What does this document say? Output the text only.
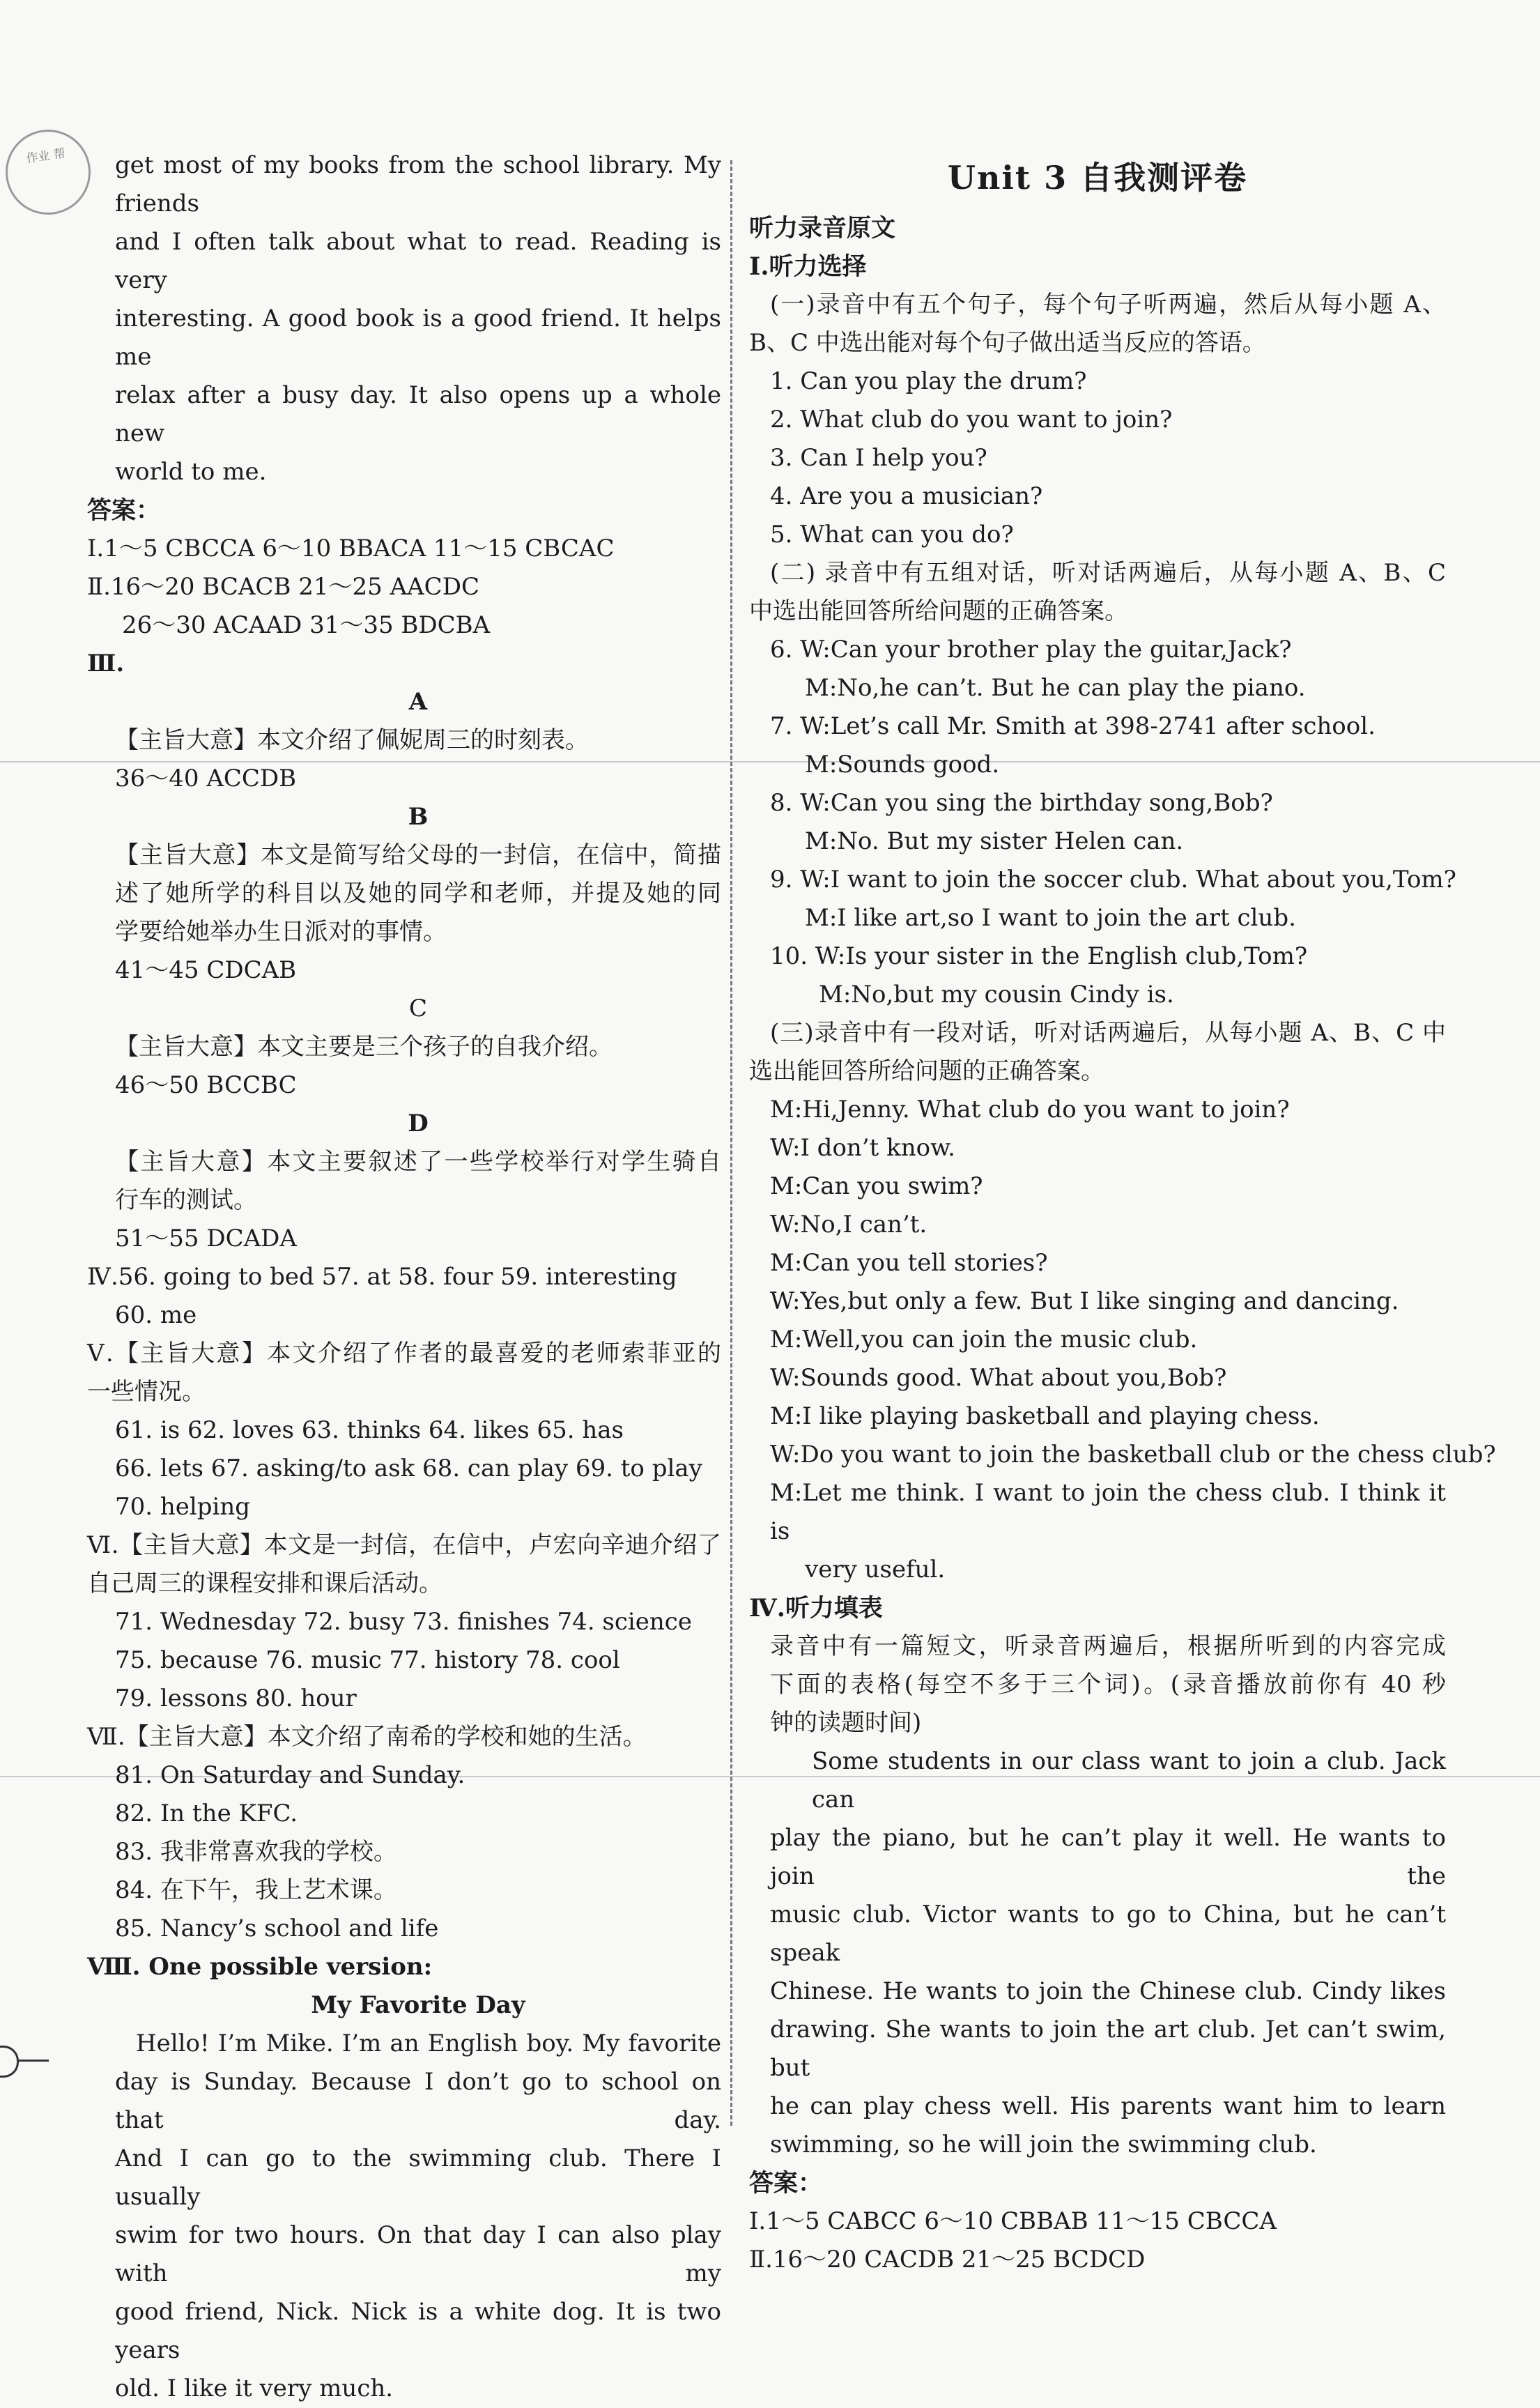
作业 帮	get most of my books from the school library. My friends
and I often talk about what to read. Reading is very
interesting. A good book is a good friend. It helps me
relax after a busy day. It also opens up a whole new
world to me.
答案：
Ⅰ.1～5 CBCCA 6～10 BBACA 11～15 CBCAC
Ⅱ.16～20 BCACB 21～25 AACDC
26～30 ACAAD 31～35 BDCBA
Ⅲ.
A
【主旨大意】本文介绍了佩妮周三的时刻表。
36～40 ACCDB
B
【主旨大意】本文是简写给父母的一封信，在信中，简描
述了她所学的科目以及她的同学和老师，并提及她的同
学要给她举办生日派对的事情。
41～45 CDCAB
C
【主旨大意】本文主要是三个孩子的自我介绍。
46～50 BCCBC
D
【主旨大意】本文主要叙述了一些学校举行对学生骑自
行车的测试。
51～55 DCADA
Ⅳ.56. going to bed 57. at 58. four 59. interesting
60. me
Ⅴ.【主旨大意】本文介绍了作者的最喜爱的老师索菲亚的
一些情况。
61. is 62. loves 63. thinks 64. likes 65. has
66. lets 67. asking/to ask 68. can play 69. to play
70. helping
Ⅵ.【主旨大意】本文是一封信，在信中，卢宏向辛迪介绍了
自己周三的课程安排和课后活动。
71. Wednesday 72. busy 73. finishes 74. science
75. because 76. music 77. history 78. cool
79. lessons 80. hour
Ⅶ.【主旨大意】本文介绍了南希的学校和她的生活。
81. On Saturday and Sunday.
82. In the KFC.
83. 我非常喜欢我的学校。
84. 在下午，我上艺术课。
85. Nancy’s school and life
Ⅷ. One possible version:
My Favorite Day
Hello! I’m Mike. I’m an English boy. My favorite
day is Sunday. Because I don’t go to school on that day.
And I can go to the swimming club. There I usually
swim for two hours. On that day I can also play with my
good friend, Nick. Nick is a white dog. It is two years
old. I like it very much.
Unit 3 自我测评卷
听力录音原文
Ⅰ.听力选择
(一)录音中有五个句子，每个句子听两遍，然后从每小题 A、
B、C 中选出能对每个句子做出适当反应的答语。
1. Can you play the drum?
2. What club do you want to join?
3. Can I help you?
4. Are you a musician?
5. What can you do?
(二) 录音中有五组对话，听对话两遍后，从每小题 A、B、C
中选出能回答所给问题的正确答案。
6. W:Can your brother play the guitar,Jack?
M:No,he can’t. But he can play the piano.
7. W:Let’s call Mr. Smith at 398-2741 after school.
M:Sounds good.
8. W:Can you sing the birthday song,Bob?
M:No. But my sister Helen can.
9. W:I want to join the soccer club. What about you,Tom?
M:I like art,so I want to join the art club.
10. W:Is your sister in the English club,Tom?
M:No,but my cousin Cindy is.
(三)录音中有一段对话，听对话两遍后，从每小题 A、B、C 中
选出能回答所给问题的正确答案。
M:Hi,Jenny. What club do you want to join?
W:I don’t know.
M:Can you swim?
W:No,I can’t.
M:Can you tell stories?
W:Yes,but only a few. But I like singing and dancing.
M:Well,you can join the music club.
W:Sounds good. What about you,Bob?
M:I like playing basketball and playing chess.
W:Do you want to join the basketball club or the chess club?
M:Let me think. I want to join the chess club. I think it is
very useful.
Ⅳ.听力填表
录音中有一篇短文，听录音两遍后，根据所听到的内容完成
下面的表格(每空不多于三个词)。(录音播放前你有 40 秒
钟的读题时间)
Some students in our class want to join a club. Jack can
play the piano, but he can’t play it well. He wants to join the
music club. Victor wants to go to China, but he can’t speak
Chinese. He wants to join the Chinese club. Cindy likes
drawing. She wants to join the art club. Jet can’t swim, but
he can play chess well. His parents want him to learn
swimming, so he will join the swimming club.
答案：
Ⅰ.1～5 CABCC 6～10 CBBAB 11～15 CBCCA
Ⅱ.16～20 CACDB 21～25 BCDCD
